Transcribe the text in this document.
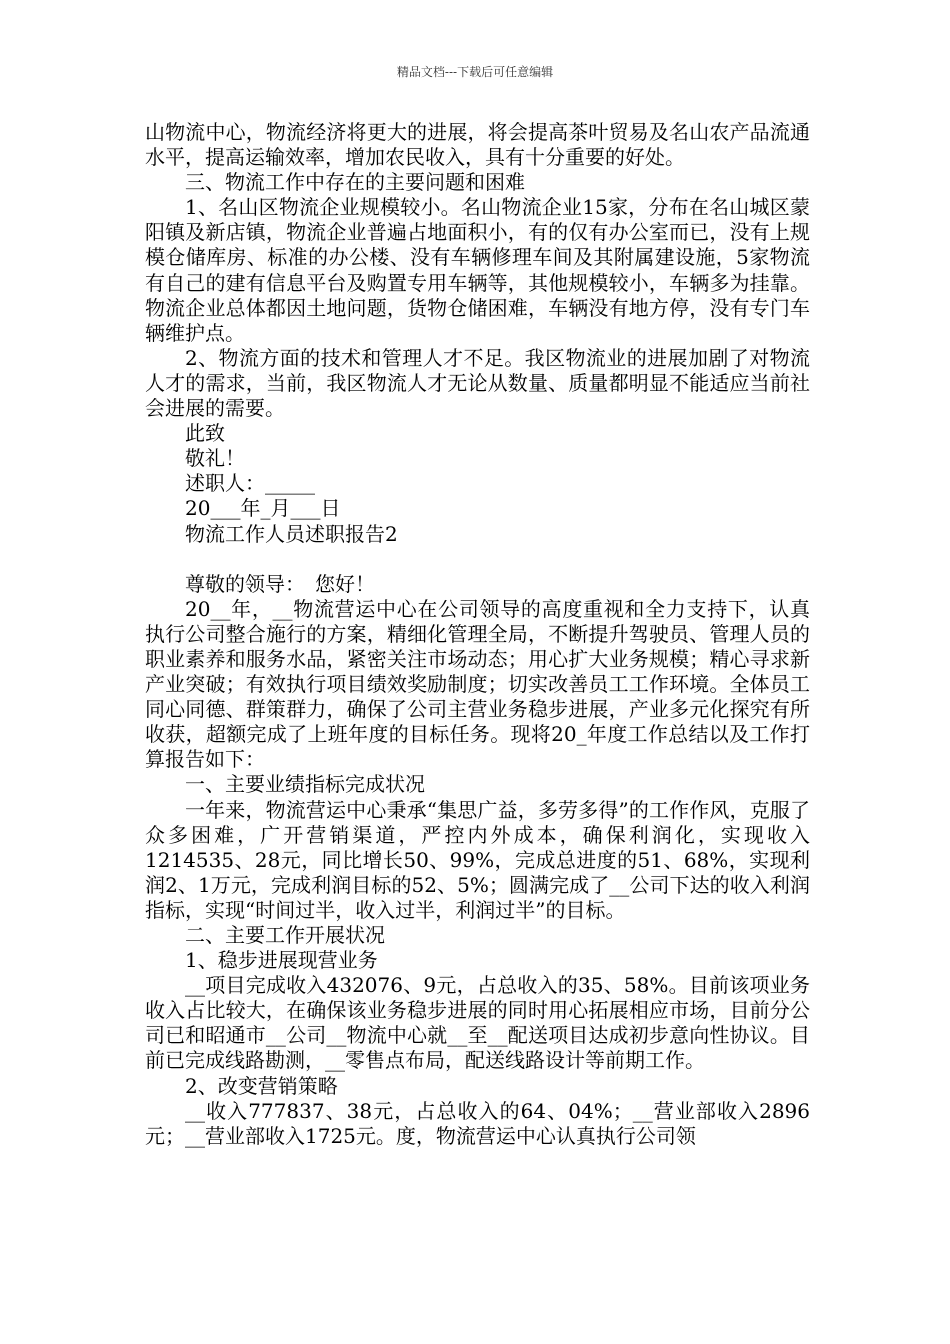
精品文档---下载后可任意编辑

山物流中心，物流经济将更大的进展，将会提高茶叶贸易及名山农产品流通水平，提高运输效率，增加农民收入，具有十分重要的好处。

三、物流工作中存在的主要问题和困难

1、名山区物流企业规模较小。名山物流企业15家，分布在名山城区蒙阳镇及新店镇，物流企业普遍占地面积小，有的仅有办公室而已，没有上规模仓储库房、标准的办公楼、没有车辆修理车间及其附属建设施，5家物流有自己的建有信息平台及购置专用车辆等，其他规模较小，车辆多为挂靠。物流企业总体都因土地问题，货物仓储困难，车辆没有地方停，没有专门车辆维护点。

2、物流方面的技术和管理人才不足。我区物流业的进展加剧了对物流人才的需求，当前，我区物流人才无论从数量、质量都明显不能适应当前社会进展的需要。

此致

敬礼！

述职人：_____

20___年_月___日

物流工作人员述职报告2

尊敬的领导：　您好！

20__年，__物流营运中心在公司领导的高度重视和全力支持下，认真执行公司整合施行的方案，精细化管理全局，不断提升驾驶员、管理人员的职业素养和服务水品，紧密关注市场动态；用心扩大业务规模；精心寻求新产业突破；有效执行项目绩效奖励制度；切实改善员工工作环境。全体员工同心同德、群策群力，确保了公司主营业务稳步进展，产业多元化探究有所收获，超额完成了上班年度的目标任务。现将20_年度工作总结以及工作打算报告如下：

一、主要业绩指标完成状况

一年来，物流营运中心秉承“集思广益，多劳多得”的工作作风，克服了众多困难，广开营销渠道，严控内外成本，确保利润化，实现收入1214535、28元，同比增长50、99%，完成总进度的51、68%，实现利润2、1万元，完成利润目标的52、5%；圆满完成了__公司下达的收入利润指标，实现“时间过半，收入过半，利润过半”的目标。

二、主要工作开展状况

1、稳步进展现营业务

__项目完成收入432076、9元，占总收入的35、58%。目前该项业务收入占比较大，在确保该业务稳步进展的同时用心拓展相应市场，目前分公司已和昭通市__公司__物流中心就__至__配送项目达成初步意向性协议。目前已完成线路勘测，__零售点布局，配送线路设计等前期工作。

2、改变营销策略

__收入777837、38元，占总收入的64、04%；__营业部收入2896元；__营业部收入1725元。度，物流营运中心认真执行公司领
